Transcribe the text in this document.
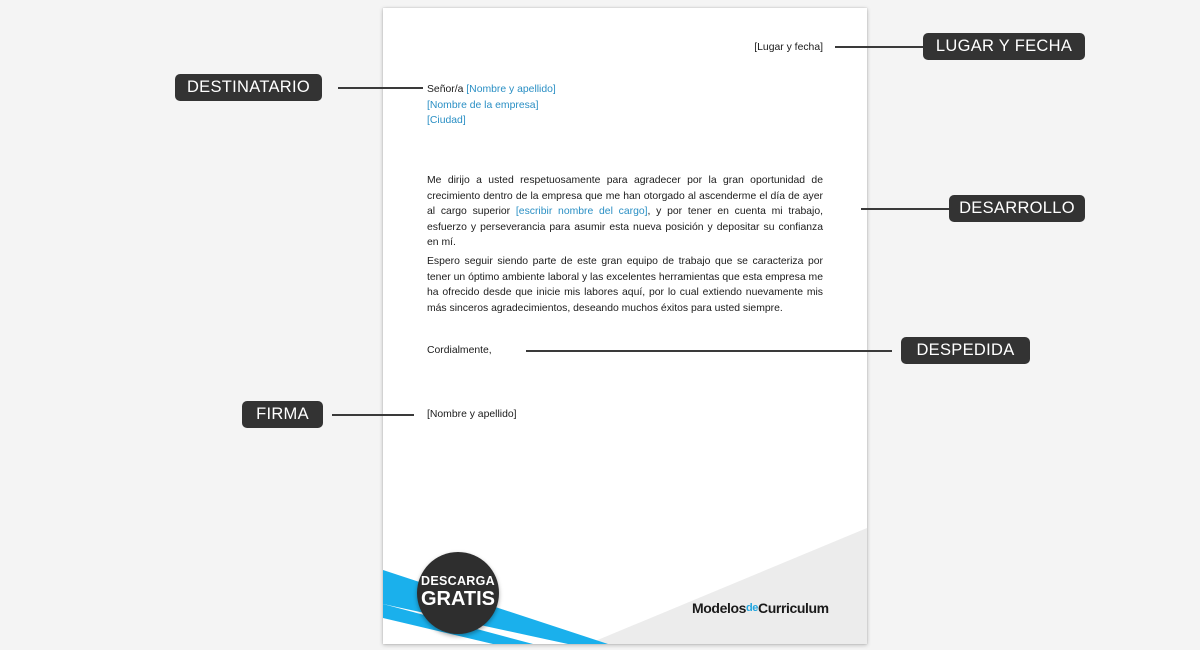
[Lugar y fecha]
Señor/a [Nombre y apellido]
[Nombre de la empresa]
[Ciudad]
Me dirijo a usted respetuosamente para agradecer por la gran oportunidad de crecimiento dentro de la empresa que me han otorgado al ascenderme el día de ayer al cargo superior [escribir nombre del cargo], y por tener en cuenta mi trabajo, esfuerzo y perseverancia para asumir esta nueva posición y depositar su confianza en mí.
Espero seguir siendo parte de este gran equipo de trabajo que se caracteriza por tener un óptimo ambiente laboral y las excelentes herramientas que esta empresa me ha ofrecido desde que inicie mis labores aquí, por lo cual extiendo nuevamente mis más sinceros agradecimientos, deseando muchos éxitos para usted siempre.
Cordialmente,
[Nombre y apellido]
ModelosdeCurriculum
DESCARGA
GRATIS
DESTINATARIO
LUGAR Y FECHA
DESARROLLO
DESPEDIDA
FIRMA
